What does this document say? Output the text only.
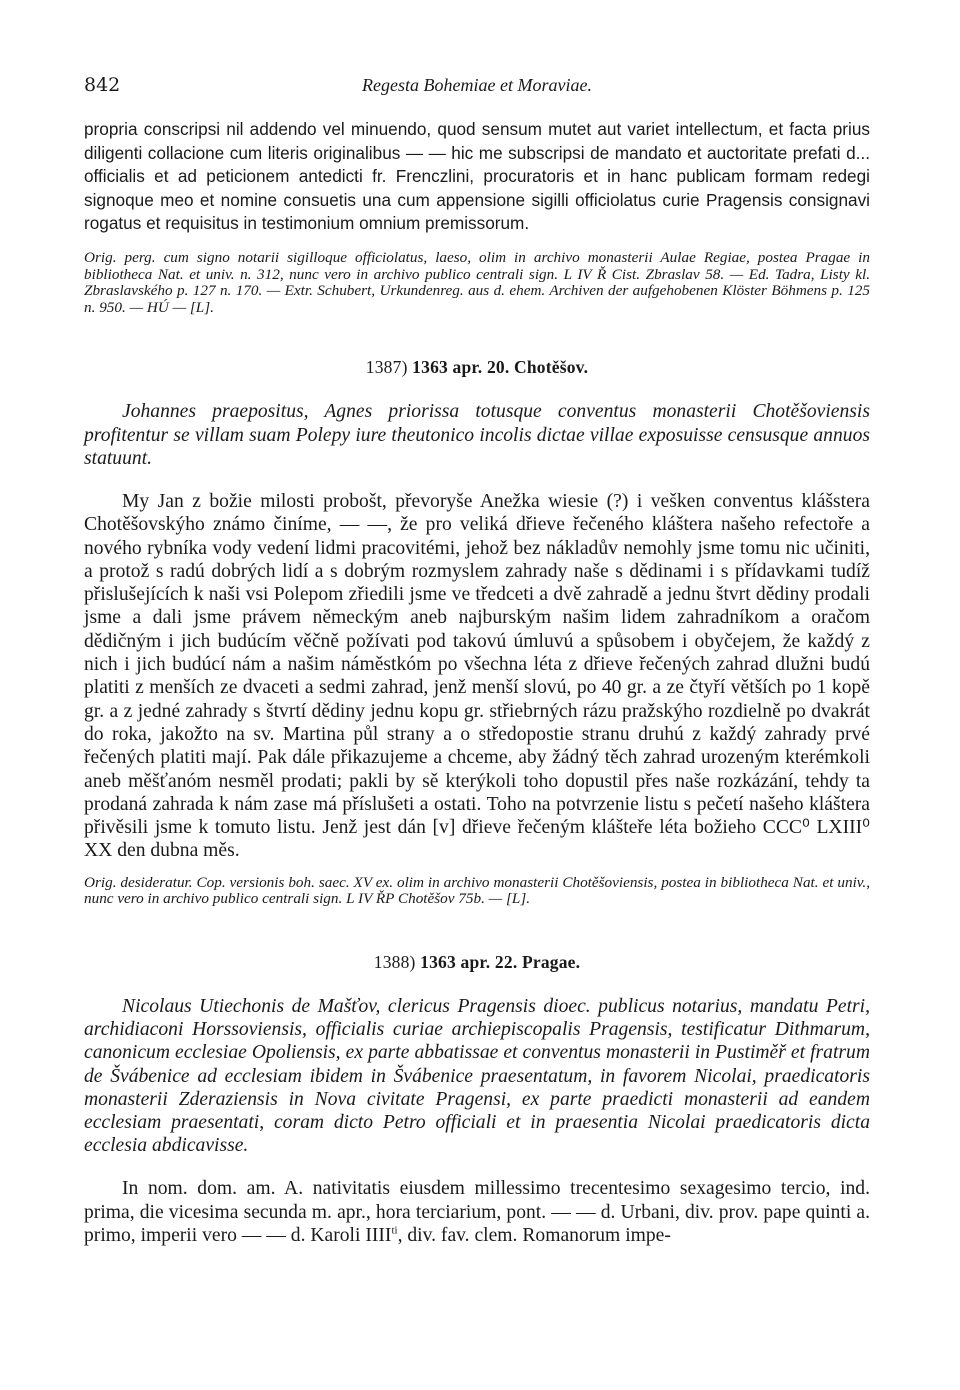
842	Regesta Bohemiae et Moraviae.

propria conscripsi nil addendo vel minuendo, quod sensum mutet aut variet intellectum, et facta prius diligenti collacione cum literis originalibus — — hic me subscripsi de mandato et auctoritate prefati d... officialis et ad peticionem antedicti fr. Frenczlini, procuratoris et in hanc publicam formam redegi signoque meo et nomine consuetis una cum appensione sigilli officiolatus curie Pragensis consignavi rogatus et requisitus in testimonium omnium premissorum.

Orig. perg. cum signo notarii sigilloque officiolatus, laeso, olim in archivo monasterii Aulae Regiae, postea Pragae in bibliotheca Nat. et univ. n. 312, nunc vero in archivo publico centrali sign. L IV Ř Cist. Zbraslav 58. — Ed. Tadra, Listy kl. Zbraslavského p. 127 n. 170. — Extr. Schubert, Urkundenreg. aus d. ehem. Archiven der aufgehobenen Klöster Böhmens p. 125 n. 950. — HÚ — [L].

1387) 1363 apr. 20. Chotěšov.

Johannes praepositus, Agnes priorissa totusque conventus monasterii Chotěšoviensis profitentur se villam suam Polepy iure theutonico incolis dictae villae exposuisse censusque annuos statuunt.

My Jan z božie milosti probošt, převoryše Anežka wiesie (?) i vešken conventus klášstera Chotěšovskýho známo činíme, — —, že pro veliká dřieve řečeného kláštera našeho refectoře a nového rybníka vody vedení lidmi pracovitémi, jehož bez nákladův nemohly jsme tomu nic učiniti, a protož s radú dobrých lidí a s dobrým rozmyslem zahrady naše s dědinami i s přídavkami tudíž přislušejících k naši vsi Polepom zřiedili jsme ve tředceti a dvě zahradě a jednu štvrt dědiny prodali jsme a dali jsme právem německým aneb najburským našim lidem zahradníkom a oračom dědičným i jich budúcím věčně požívati pod takovú úmluvú a spůsobem i obyčejem, že každý z nich i jich budúcí nám a našim náměstkóm po všechna léta z dřieve řečených zahrad dlužni budú platiti z menších ze dvaceti a sedmi zahrad, jenž menší slovú, po 40 gr. a ze čtyří větších po 1 kopě gr. a z jedné zahrady s štvrtí dědiny jednu kopu gr. střiebrných rázu pražskýho rozdielně po dvakrát do roka, jakožto na sv. Martina půl strany a o středopostie stranu druhú z každý zahrady prvé řečených platiti mají. Pak dále přikazujeme a chceme, aby žádný těch zahrad urozeným kterémkoli aneb měšťanóm nesměl prodati; pakli by sě kterýkoli toho dopustil přes naše rozkázání, tehdy ta prodaná zahrada k nám zase má příslušeti a ostati. Toho na potvrzenie listu s pečetí našeho kláštera přivěsili jsme k tomuto listu. Jenž jest dán [v] dřieve řečeným klášteře léta božieho CCC⁰ LXIII⁰ XX den dubna měs.

Orig. desideratur. Cop. versionis boh. saec. XV ex. olim in archivo monasterii Chotěšoviensis, postea in bibliotheca Nat. et univ., nunc vero in archivo publico centrali sign. L IV ŘP Chotěšov 75b. — [L].

1388) 1363 apr. 22. Pragae.

Nicolaus Utiechonis de Mašťov, clericus Pragensis dioec. publicus notarius, mandatu Petri, archidiaconi Horssoviensis, officialis curiae archiepiscopalis Pragensis, testificatur Dithmarum, canonicum ecclesiae Opoliensis, ex parte abbatissae et conventus monasterii in Pustiměř et fratrum de Švábenice ad ecclesiam ibidem in Švábenice praesentatum, in favorem Nicolai, praedicatoris monasterii Zderaziensis in Nova civitate Pragensi, ex parte praedicti monasterii ad eandem ecclesiam praesentati, coram dicto Petro officiali et in praesentia Nicolai praedicatoris dicta ecclesia abdicavisse.

In nom. dom. am. A. nativitatis eiusdem millessimo trecentesimo sexagesimo tercio, ind. prima, die vicesima secunda m. apr., hora terciarium, pont. — — d. Urbani, div. prov. pape quinti a. primo, imperii vero — — d. Karoli $IIII^{ti}$, div. fav. clem. Romanorum impe-
